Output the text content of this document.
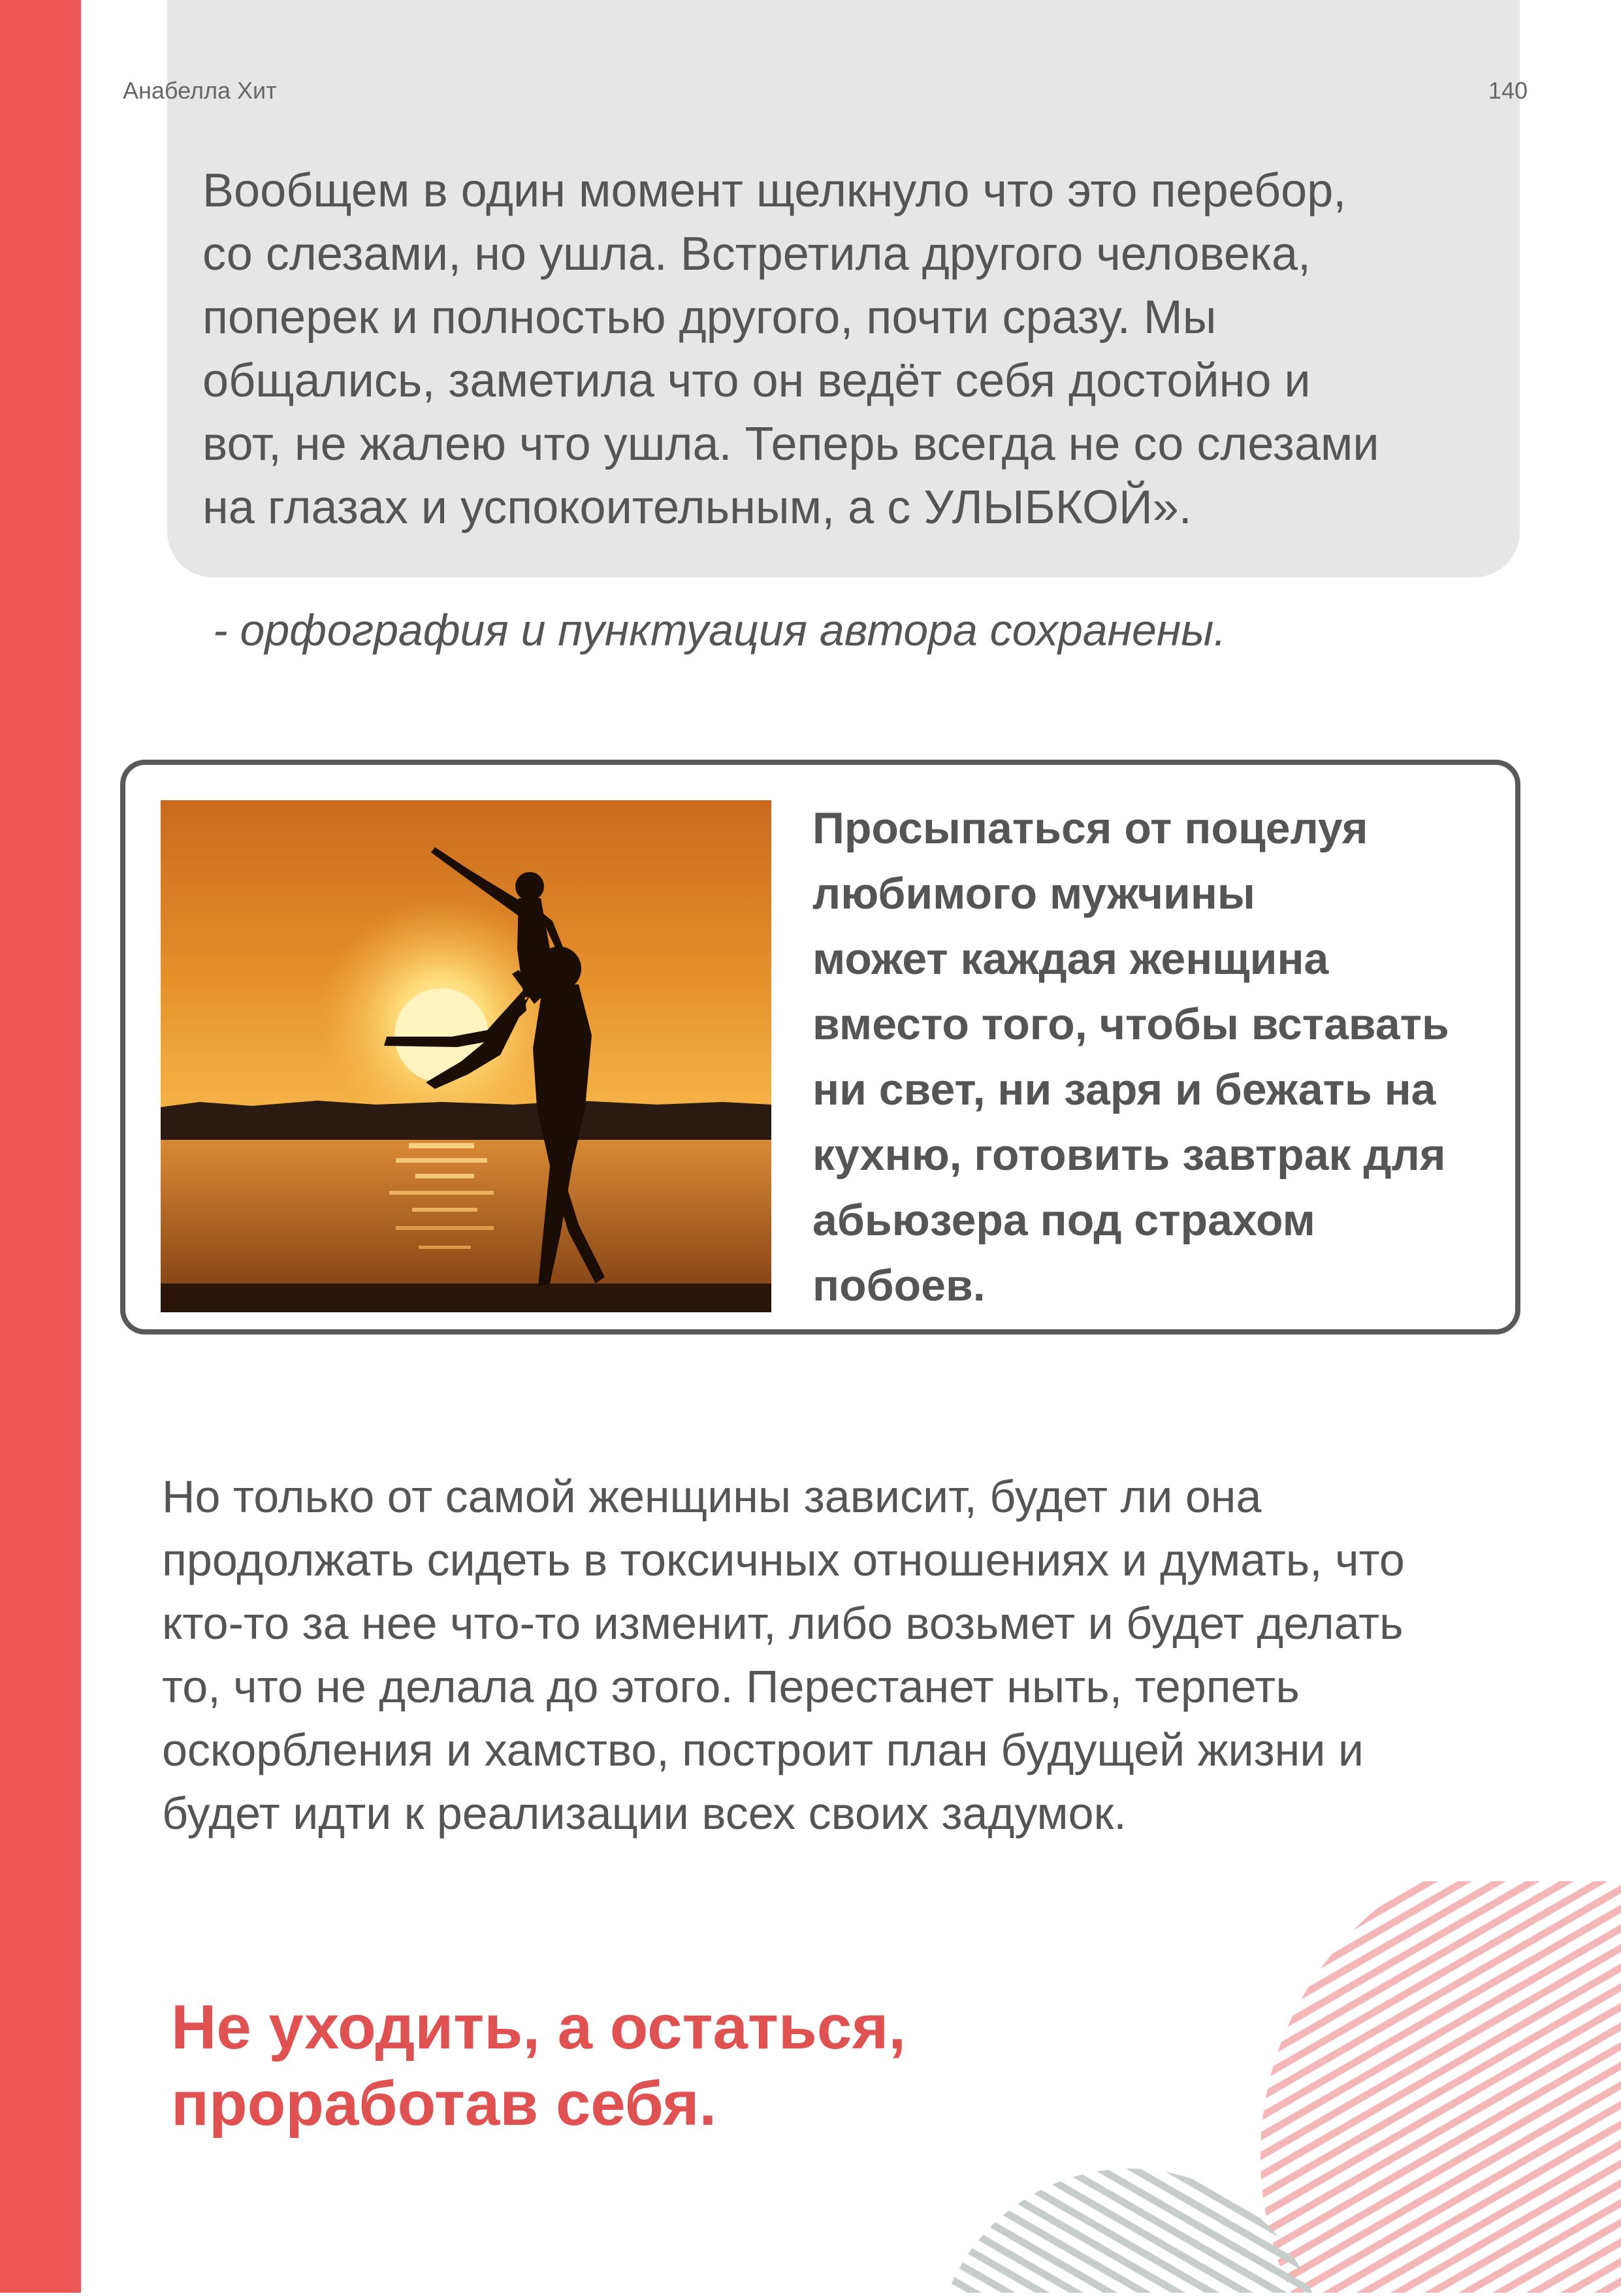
Анабелла Хит	140
Вообщем в один момент щелкнуло что это перебор,
со слезами, но ушла. Встретила другого человека,
поперек и полностью другого, почти сразу. Мы
общались, заметила что он ведёт себя достойно и
вот, не жалею что ушла. Теперь всегда не со слезами
на глазах и успокоительным, а с УЛЫБКОЙ».
- орфография и пунктуация автора сохранены.
Просыпаться от поцелуя
любимого мужчины
может каждая женщина
вместо того, чтобы вставать
ни свет, ни заря и бежать на
кухню, готовить завтрак для
абьюзера под страхом
побоев.
Но только от самой женщины зависит, будет ли она
продолжать сидеть в токсичных отношениях и думать, что
кто-то за нее что-то изменит, либо возьмет и будет делать
то, что не делала до этого. Перестанет ныть, терпеть
оскорбления и хамство, построит план будущей жизни и
будет идти к реализации всех своих задумок.
Не уходить, а остаться,
проработав себя.
